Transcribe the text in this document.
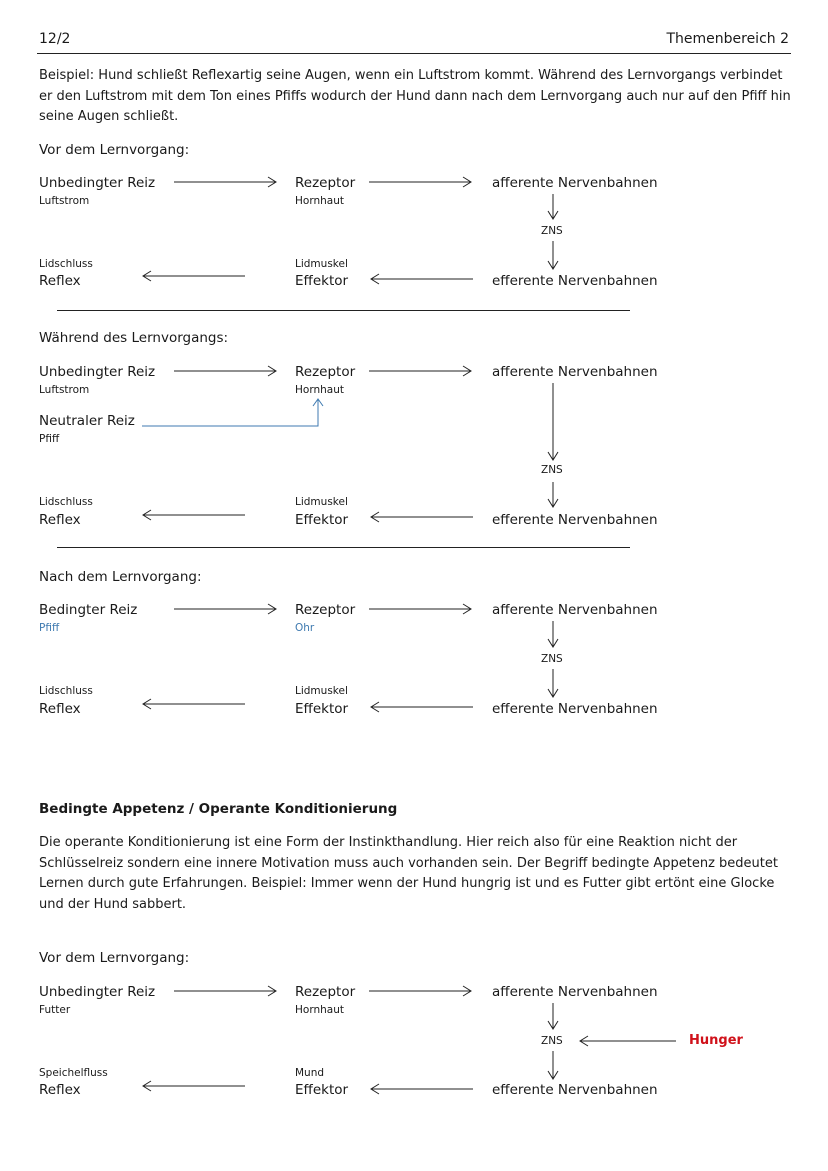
12/2	Themenbereich 2
Beispiel: Hund schließt Reflexartig seine Augen, wenn ein Luftstrom kommt. Während des Lernvorgangs verbindet er den Luftstrom mit dem Ton eines Pfiffs wodurch der Hund dann nach dem Lernvorgang auch nur auf den Pfiff hin seine Augen schließt.
Vor dem Lernvorgang:
Unbedingter Reiz
Luftstrom
Rezeptor
Hornhaut
afferente Nervenbahnen
ZNS
Lidschluss
Reflex
Lidmuskel
Effektor	efferente Nervenbahnen
Während des Lernvorgangs:
Unbedingter Reiz
Luftstrom
Rezeptor
Hornhaut
afferente Nervenbahnen
Neutraler Reiz
Pfiff
ZNS
Lidschluss
Reflex
Lidmuskel
Effektor	efferente Nervenbahnen
Nach dem Lernvorgang:
Bedingter Reiz
Pfiff
Rezeptor
Ohr
afferente Nervenbahnen
ZNS
Lidschluss
Reflex
Lidmuskel
Effektor	efferente Nervenbahnen
Bedingte Appetenz / Operante Konditionierung
Die operante Konditionierung ist eine Form der Instinkthandlung. Hier reich also für eine Reaktion nicht der Schlüsselreiz sondern eine innere Motivation muss auch vorhanden sein. Der Begriff bedingte Appetenz bedeutet Lernen durch gute Erfahrungen. Beispiel: Immer wenn der Hund hungrig ist und es Futter gibt ertönt eine Glocke und der Hund sabbert.
Vor dem Lernvorgang:
Unbedingter Reiz
Futter
Rezeptor
Hornhaut
afferente Nervenbahnen
ZNS	Hunger
Speichelfluss
Reflex
Mund
Effektor	efferente Nervenbahnen
